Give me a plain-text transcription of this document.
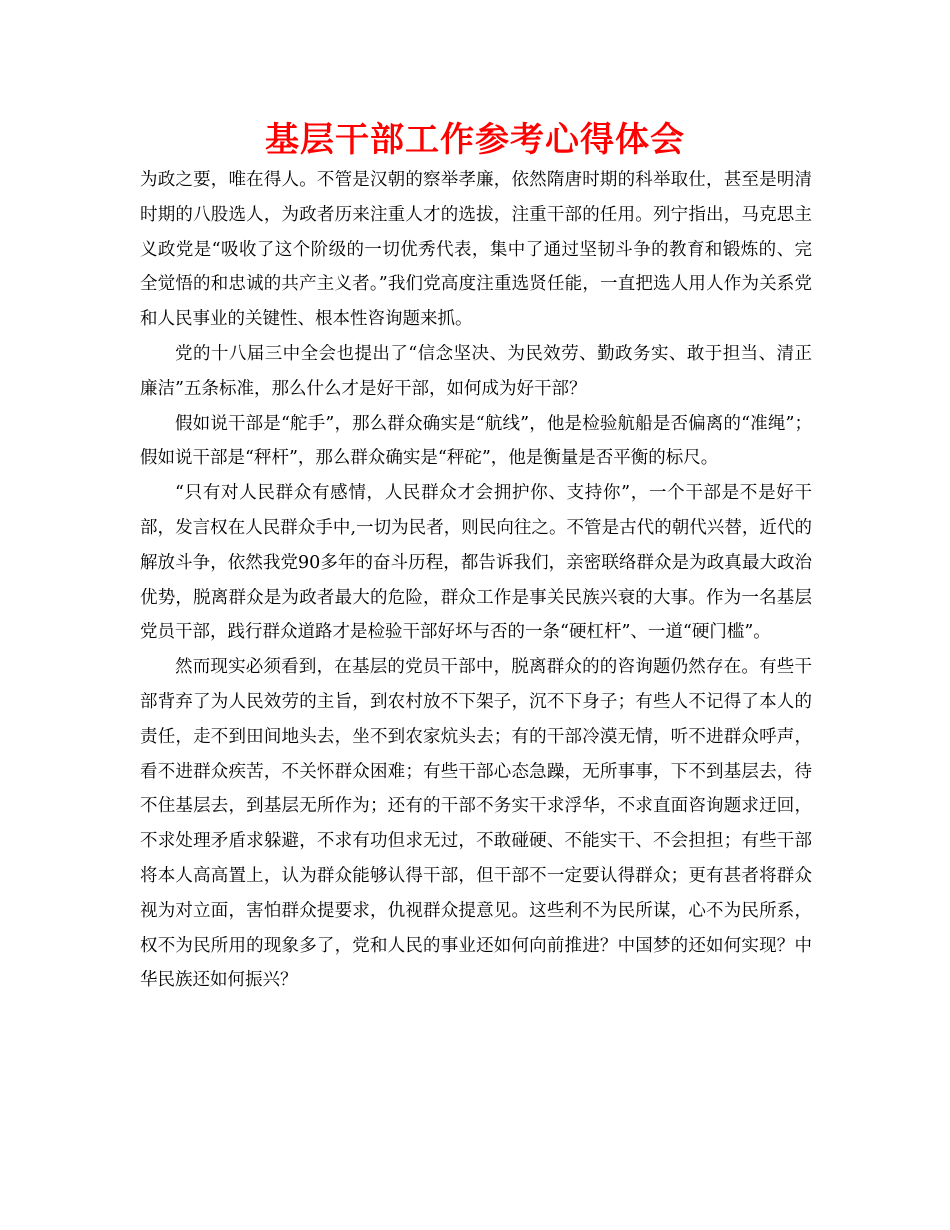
基层干部工作参考心得体会

为政之要，唯在得人。不管是汉朝的察举孝廉，依然隋唐时期的科举取仕，甚至是明清时期的八股选人，为政者历来注重人才的选拔，注重干部的任用。列宁指出，马克思主义政党是“吸收了这个阶级的一切优秀代表，集中了通过坚韧斗争的教育和锻炼的、完全觉悟的和忠诚的共产主义者。”我们党高度注重选贤任能，一直把选人用人作为关系党和人民事业的关键性、根本性咨询题来抓。

党的十八届三中全会也提出了“信念坚决、为民效劳、勤政务实、敢于担当、清正廉洁”五条标准，那么什么才是好干部，如何成为好干部？

假如说干部是“舵手”，那么群众确实是“航线”，他是检验航船是否偏离的“准绳”；假如说干部是“秤杆”，那么群众确实是“秤砣”，他是衡量是否平衡的标尺。

“只有对人民群众有感情，人民群众才会拥护你、支持你”，一个干部是不是好干部，发言权在人民群众手中,一切为民者，则民向往之。不管是古代的朝代兴替，近代的解放斗争，依然我党90多年的奋斗历程，都告诉我们，亲密联络群众是为政真最大政治优势，脱离群众是为政者最大的危险，群众工作是事关民族兴衰的大事。作为一名基层党员干部，践行群众道路才是检验干部好坏与否的一条“硬杠杆”、一道“硬门槛”。

然而现实必须看到，在基层的党员干部中，脱离群众的的咨询题仍然存在。有些干部背弃了为人民效劳的主旨，到农村放不下架子，沉不下身子；有些人不记得了本人的责任，走不到田间地头去，坐不到农家炕头去；有的干部冷漠无情，听不进群众呼声，看不进群众疾苦，不关怀群众困难；有些干部心态急躁，无所事事，下不到基层去，待不住基层去，到基层无所作为；还有的干部不务实干求浮华，不求直面咨询题求迂回，不求处理矛盾求躲避，不求有功但求无过，不敢碰硬、不能实干、不会担担；有些干部将本人高高置上，认为群众能够认得干部，但干部不一定要认得群众；更有甚者将群众视为对立面，害怕群众提要求，仇视群众提意见。这些利不为民所谋，心不为民所系，权不为民所用的现象多了，党和人民的事业还如何向前推进？中国梦的还如何实现？中华民族还如何振兴？
